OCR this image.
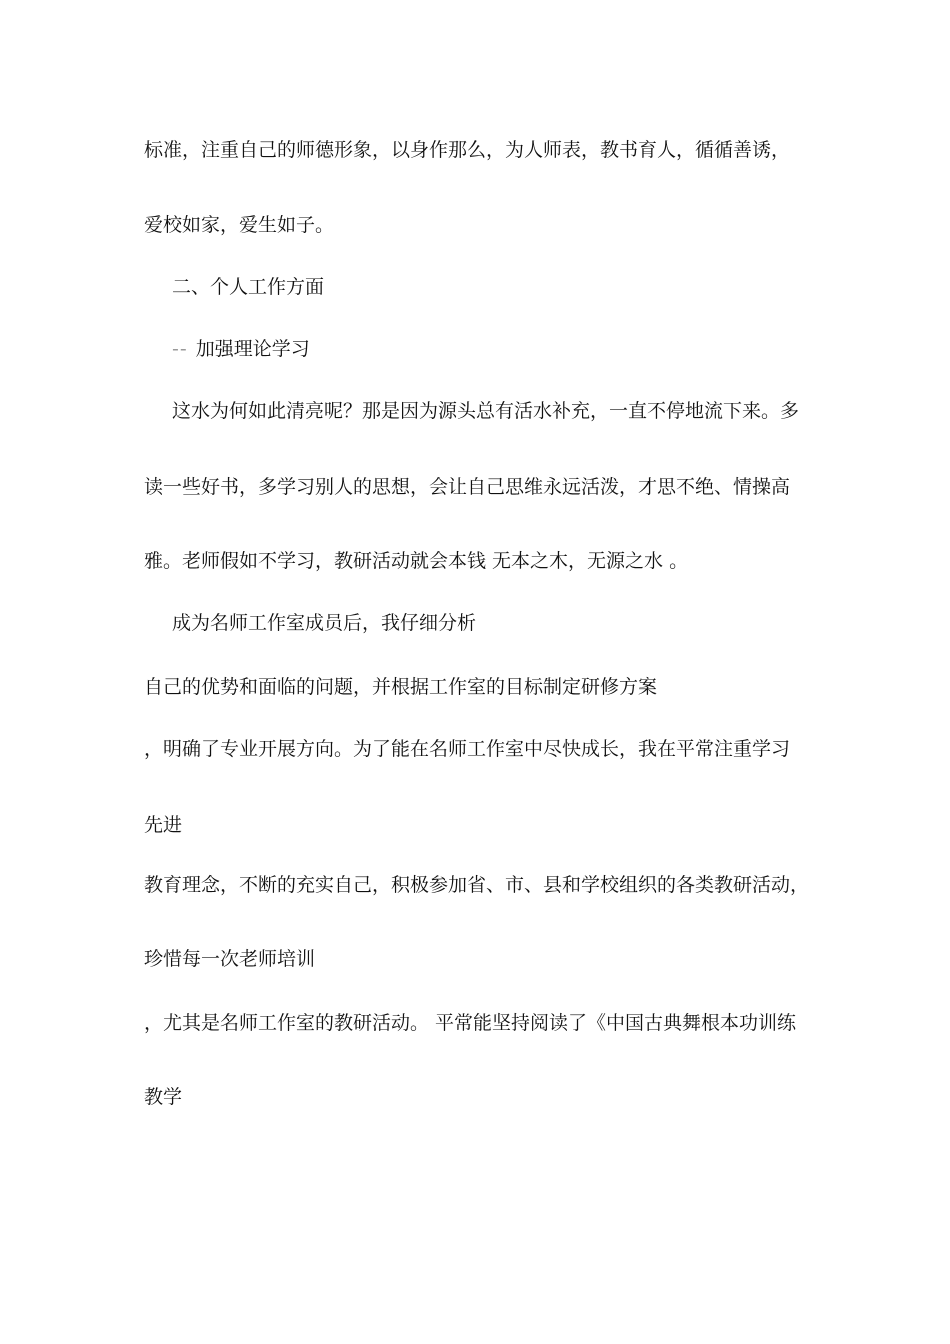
标准，注重自己的师德形象，以身作那么，为人师表，教书育人，循循善诱，
爱校如家，爱生如子。
二、个人工作方面
-- 加强理论学习
这水为何如此清亮呢？那是因为源头总有活水补充，一直不停地流下来。多
读一些好书，多学习别人的思想，会让自己思维永远活泼，才思不绝、情操高
雅。老师假如不学习，教研活动就会本钱 无本之木，无源之水 。
成为名师工作室成员后，我仔细分析
自己的优势和面临的问题，并根据工作室的目标制定研修方案
，明确了专业开展方向。为了能在名师工作室中尽快成长，我在平常注重学习
先进
教育理念，不断的充实自己，积极参加省、市、县和学校组织的各类教研活动，
珍惜每一次老师培训
，尤其是名师工作室的教研活动。 平常能坚持阅读了《中国古典舞根本功训练
教学
